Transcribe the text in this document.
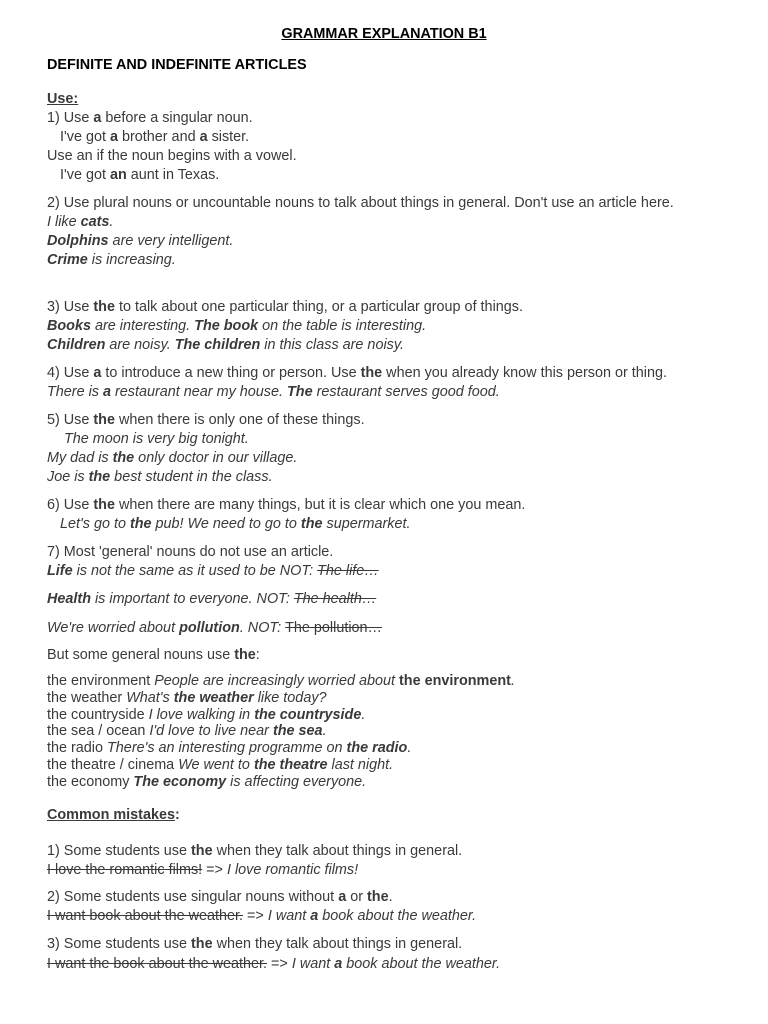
GRAMMAR EXPLANATION B1
DEFINITE AND INDEFINITE ARTICLES
Use:
1) Use a before a singular noun.
I've got a brother and a sister.
Use an if the noun begins with a vowel.
I've got an aunt in Texas.
2) Use plural nouns or uncountable nouns to talk about things in general. Don't use an article here.
I like cats.
Dolphins are very intelligent.
Crime is increasing.
3) Use the to talk about one particular thing, or a particular group of things.
Books are interesting. The book on the table is interesting.
Children are noisy. The children in this class are noisy.
4) Use a to introduce a new thing or person. Use the when you already know this person or thing.
There is a restaurant near my house. The restaurant serves good food.
5) Use the when there is only one of these things.
The moon is very big tonight.
My dad is the only doctor in our village.
Joe is the best student in the class.
6) Use the when there are many things, but it is clear which one you mean.
Let's go to the pub! We need to go to the supermarket.
7) Most 'general' nouns do not use an article.
Life is not the same as it used to be NOT: The life…
Health is important to everyone. NOT: The health…
We're worried about pollution. NOT: The pollution…
But some general nouns use the:
the environment People are increasingly worried about the environment.
the weather What's the weather like today?
the countryside I love walking in the countryside.
the sea / ocean I'd love to live near the sea.
the radio There's an interesting programme on the radio.
the theatre / cinema We went to the theatre last night.
the economy The economy is affecting everyone.
Common mistakes:
1) Some students use the when they talk about things in general.
I love the romantic films! => I love romantic films!
2) Some students use singular nouns without a or the.
I want book about the weather. => I want a book about the weather.
3) Some students use the when they talk about things in general.
I want the book about the weather. => I want a book about the weather.
